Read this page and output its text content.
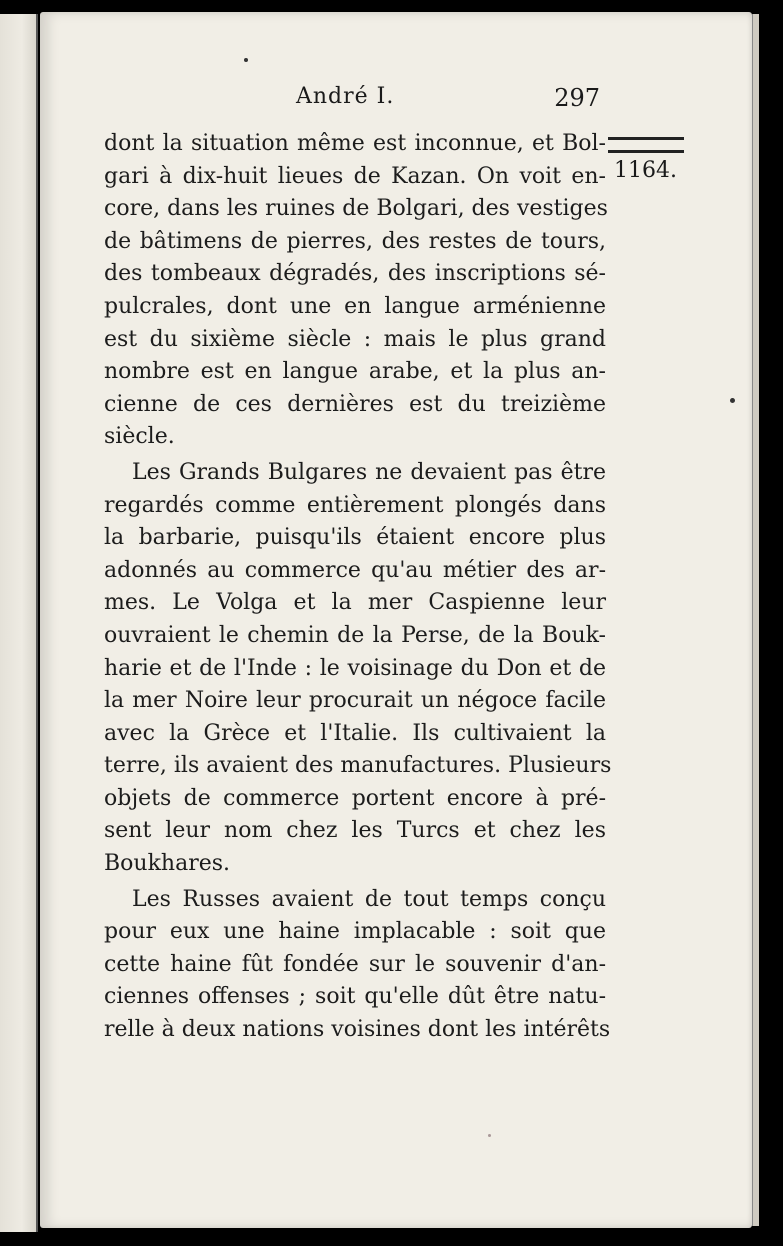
André I.	297
1164.
dont la situation même est inconnue, et Bol-
gari à dix-huit lieues de Kazan. On voit en-
core, dans les ruines de Bolgari, des vestiges
de bâtimens de pierres, des restes de tours,
des tombeaux dégradés, des inscriptions sé-
pulcrales, dont une en langue arménienne
est du sixième siècle : mais le plus grand
nombre est en langue arabe, et la plus an-
cienne de ces dernières est du treizième
siècle.
Les Grands Bulgares ne devaient pas être
regardés comme entièrement plongés dans
la barbarie, puisqu'ils étaient encore plus
adonnés au commerce qu'au métier des ar-
mes. Le Volga et la mer Caspienne leur
ouvraient le chemin de la Perse, de la Bouk-
harie et de l'Inde : le voisinage du Don et de
la mer Noire leur procurait un négoce facile
avec la Grèce et l'Italie. Ils cultivaient la
terre, ils avaient des manufactures. Plusieurs
objets de commerce portent encore à pré-
sent leur nom chez les Turcs et chez les
Boukhares.
Les Russes avaient de tout temps conçu
pour eux une haine implacable : soit que
cette haine fût fondée sur le souvenir d'an-
ciennes offenses ; soit qu'elle dût être natu-
relle à deux nations voisines dont les intérêts
